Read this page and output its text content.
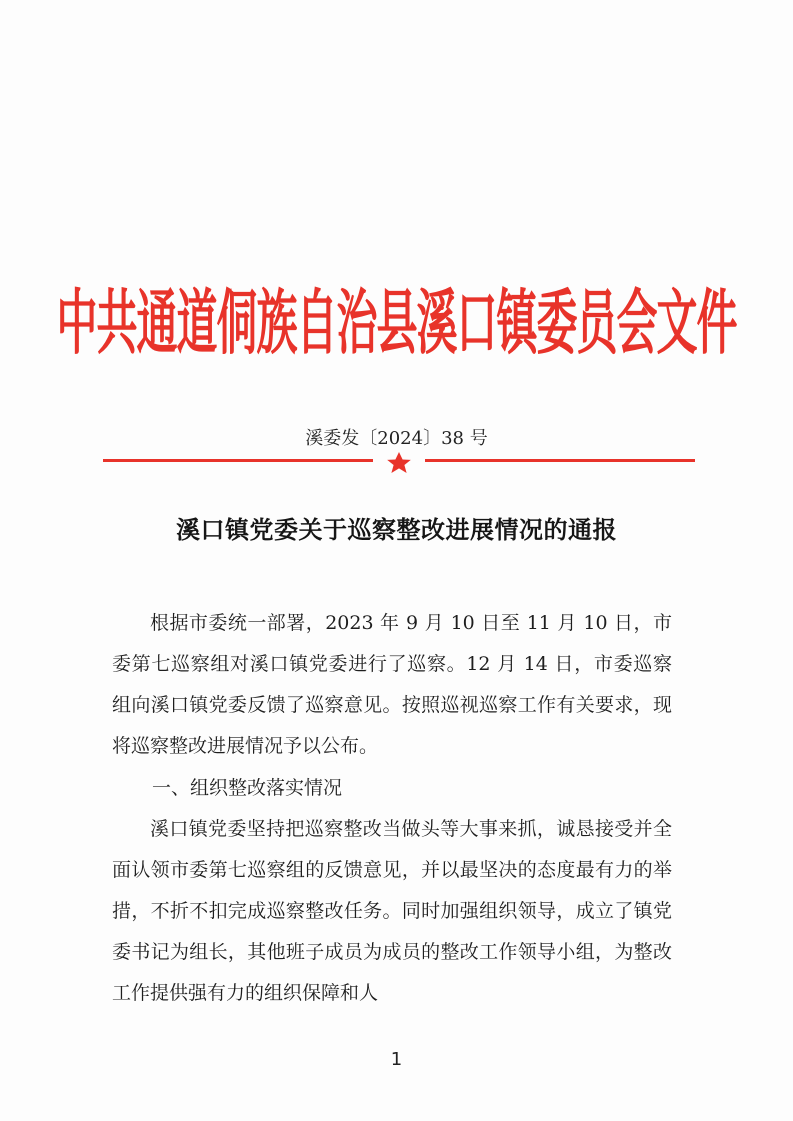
中共通道侗族自治县溪口镇委员会文件
溪委发〔2024〕38 号
溪口镇党委关于巡察整改进展情况的通报
根据市委统一部署，2023 年 9 月 10 日至 11 月 10 日，市委第七巡察组对溪口镇党委进行了巡察。12 月 14 日，市委巡察组向溪口镇党委反馈了巡察意见。按照巡视巡察工作有关要求，现将巡察整改进展情况予以公布。
一、组织整改落实情况
溪口镇党委坚持把巡察整改当做头等大事来抓，诚恳接受并全面认领市委第七巡察组的反馈意见，并以最坚决的态度最有力的举措，不折不扣完成巡察整改任务。同时加强组织领导，成立了镇党委书记为组长，其他班子成员为成员的整改工作领导小组，为整改工作提供强有力的组织保障和人
1
